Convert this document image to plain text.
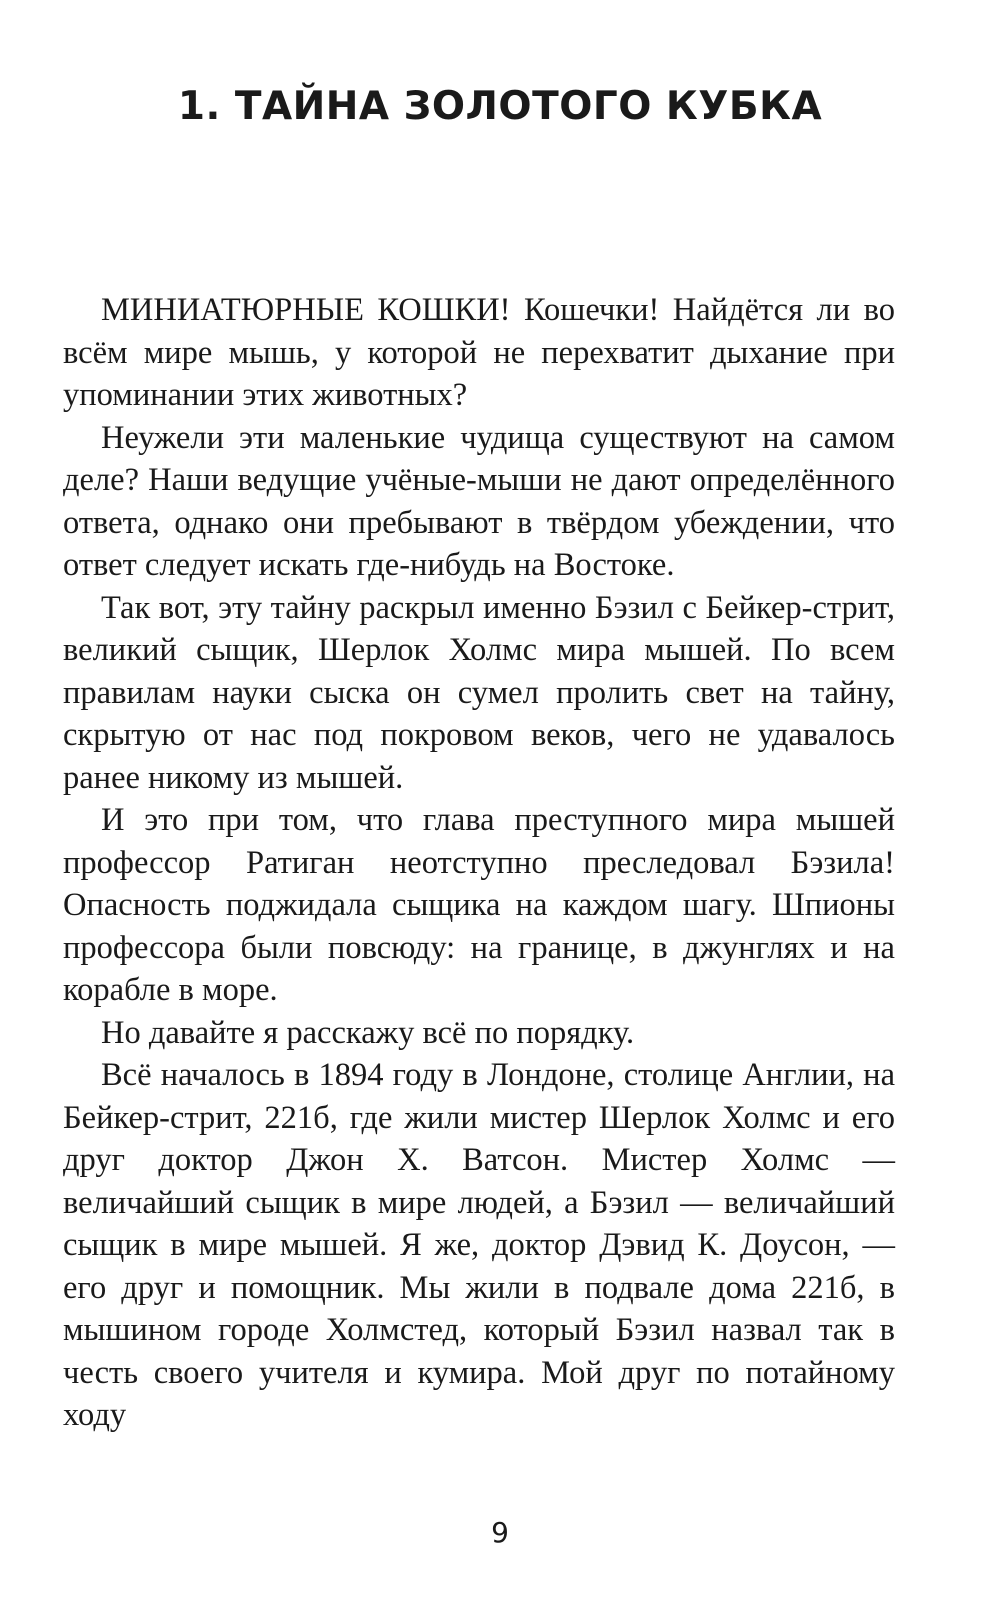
1. ТАЙНА ЗОЛОТОГО КУБКА

МИНИАТЮРНЫЕ КОШКИ! Кошечки! Найдётся ли во всём мире мышь, у которой не перехватит дыхание при упоминании этих животных?

Неужели эти маленькие чудища существуют на самом деле? Наши ведущие учёные-мыши не дают определённого ответа, однако они пребывают в твёрдом убеждении, что ответ следует искать где-нибудь на Востоке.

Так вот, эту тайну раскрыл именно Бэзил с Бейкер-стрит, великий сыщик, Шерлок Холмс мира мышей. По всем правилам науки сыска он сумел пролить свет на тайну, скрытую от нас под покровом веков, чего не удавалось ранее никому из мышей.

И это при том, что глава преступного мира мышей профессор Ратиган неотступно преследовал Бэзила! Опасность поджидала сыщика на каждом шагу. Шпионы профессора были повсюду: на границе, в джунглях и на корабле в море.

Но давайте я расскажу всё по порядку.

Всё началось в 1894 году в Лондоне, столице Англии, на Бейкер-стрит, 221б, где жили мистер Шерлок Холмс и его друг доктор Джон Х. Ватсон. Мистер Холмс — величайший сыщик в мире людей, а Бэзил — величайший сыщик в мире мышей. Я же, доктор Дэвид К. Доусон, — его друг и помощник. Мы жили в подвале дома 221б, в мышином городе Холмстед, который Бэзил назвал так в честь своего учителя и кумира. Мой друг по потайному ходу

9
